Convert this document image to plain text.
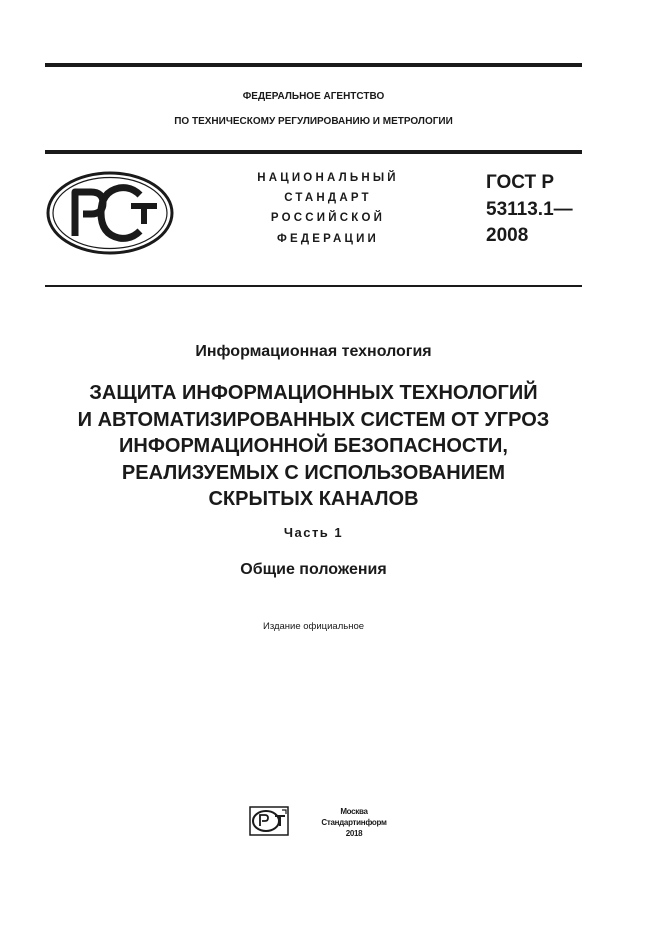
ФЕДЕРАЛЬНОЕ АГЕНТСТВО
ПО ТЕХНИЧЕСКОМУ РЕГУЛИРОВАНИЮ И МЕТРОЛОГИИ
НАЦИОНАЛЬНЫЙ
СТАНДАРТ
РОССИЙСКОЙ
ФЕДЕРАЦИИ
ГОСТ Р
53113.1—
2008
Информационная технология
ЗАЩИТА ИНФОРМАЦИОННЫХ ТЕХНОЛОГИЙ
И АВТОМАТИЗИРОВАННЫХ СИСТЕМ ОТ УГРОЗ
ИНФОРМАЦИОННОЙ БЕЗОПАСНОСТИ,
РЕАЛИЗУЕМЫХ С ИСПОЛЬЗОВАНИЕМ
СКРЫТЫХ КАНАЛОВ
Часть 1
Общие положения
Издание официальное
Москва
Стандартинформ
2018
